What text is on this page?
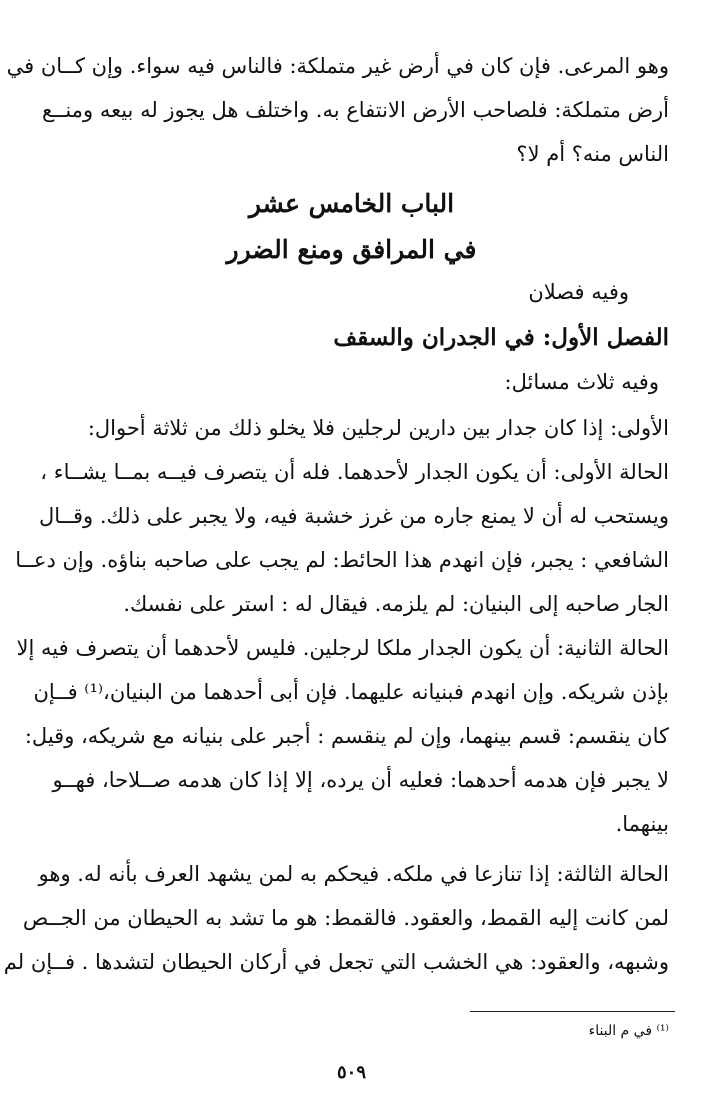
وهو المرعى. فإن كان في أرض غير متملكة: فالناس فيه سواء. وإن كــان في
أرض متملكة: فلصاحب الأرض الانتفاع به. واختلف هل يجوز له بيعه ومنــع
الناس منه؟ أم لا؟
الباب الخامس عشر
في المرافق ومنع الضرر
وفيه فصلان
الفصل الأول: في الجدران والسقف
وفيه ثلاث مسائل:
الأولى: إذا كان جدار بين دارين لرجلين فلا يخلو ذلك من ثلاثة أحوال:
الحالة الأولى: أن يكون الجدار لأحدهما. فله أن يتصرف فيــه بمــا يشــاء ،
ويستحب له أن لا يمنع جاره من غرز خشبة فيه، ولا يجبر على ذلك. وقــال
الشافعي : يجبر، فإن انهدم هذا الحائط: لم يجب على صاحبه بناؤه. وإن دعــا
الجار صاحبه إلى البنيان: لم يلزمه. فيقال له : استر على نفسك.
الحالة الثانية: أن يكون الجدار ملكا لرجلين. فليس لأحدهما أن يتصرف فيه إلا
بإذن شريكه. وإن انهدم فبنيانه عليهما. فإن أبى أحدهما من البنيان،⁽¹⁾ فــإن
كان ينقسم: قسم بينهما، وإن لم ينقسم : أجبر على بنيانه مع شريكه، وقيل:
لا يجبر فإن هدمه أحدهما: فعليه أن يرده، إلا إذا كان هدمه صــلاحا، فهــو
بينهما.
الحالة الثالثة: إذا تنازعا في ملكه. فيحكم به لمن يشهد العرف بأنه له. وهو
لمن كانت إليه القمط، والعقود. فالقمط: هو ما تشد به الحيطان من الجــص
وشبهه، والعقود: هي الخشب التي تجعل في أركان الحيطان لتشدها . فــإن لم
⁽¹⁾ في م البناء
٥٠٩
